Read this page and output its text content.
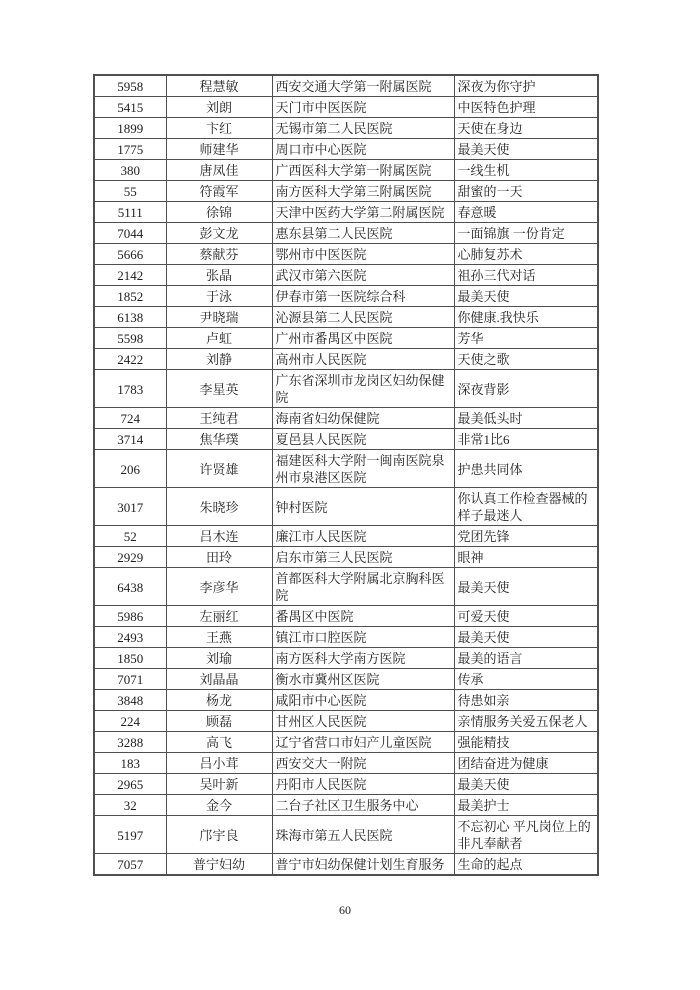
5958	程慧敏	西安交通大学第一附属医院	深夜为你守护
5415	刘朗	天门市中医医院	中医特色护理
1899	卞红	无锡市第二人民医院	天使在身边
1775	师建华	周口市中心医院	最美天使
380	唐凤佳	广西医科大学第一附属医院	一线生机
55	符霞军	南方医科大学第三附属医院	甜蜜的一天
5111	徐锦	天津中医药大学第二附属医院	春意暖
7044	彭文龙	惠东县第二人民医院	一面锦旗 一份肯定
5666	蔡献芬	鄂州市中医医院	心肺复苏术
2142	张晶	武汉市第六医院	祖孙三代对话
1852	于泳	伊春市第一医院综合科	最美天使
6138	尹晓瑞	沁源县第二人民医院	你健康.我快乐
5598	卢虹	广州市番禺区中医院	芳华
2422	刘静	高州市人民医院	天使之歌
1783	李星英	广东省深圳市龙岗区妇幼保健院	深夜背影
724	王纯君	海南省妇幼保健院	最美低头时
3714	焦华璞	夏邑县人民医院	非常1比6
206	许贤雄	福建医科大学附一闽南医院泉州市泉港区医院	护患共同体
3017	朱晓珍	钟村医院	你认真工作检查器械的样子最迷人
52	吕木连	廉江市人民医院	党团先锋
2929	田玲	启东市第三人民医院	眼神
6438	李彦华	首都医科大学附属北京胸科医院	最美天使
5986	左丽红	番禺区中医院	可爱天使
2493	王燕	镇江市口腔医院	最美天使
1850	刘瑜	南方医科大学南方医院	最美的语言
7071	刘晶晶	衡水市冀州区医院	传承
3848	杨龙	咸阳市中心医院	待患如亲
224	顾磊	甘州区人民医院	亲情服务关爱五保老人
3288	高飞	辽宁省营口市妇产儿童医院	强能精技
183	吕小茸	西安交大一附院	团结奋进为健康
2965	吴叶新	丹阳市人民医院	最美天使
32	金今	二台子社区卫生服务中心	最美护士
5197	邝宇良	珠海市第五人民医院	不忘初心 平凡岗位上的非凡奉献者
7057	普宁妇幼	普宁市妇幼保健计划生育服务	生命的起点
60
